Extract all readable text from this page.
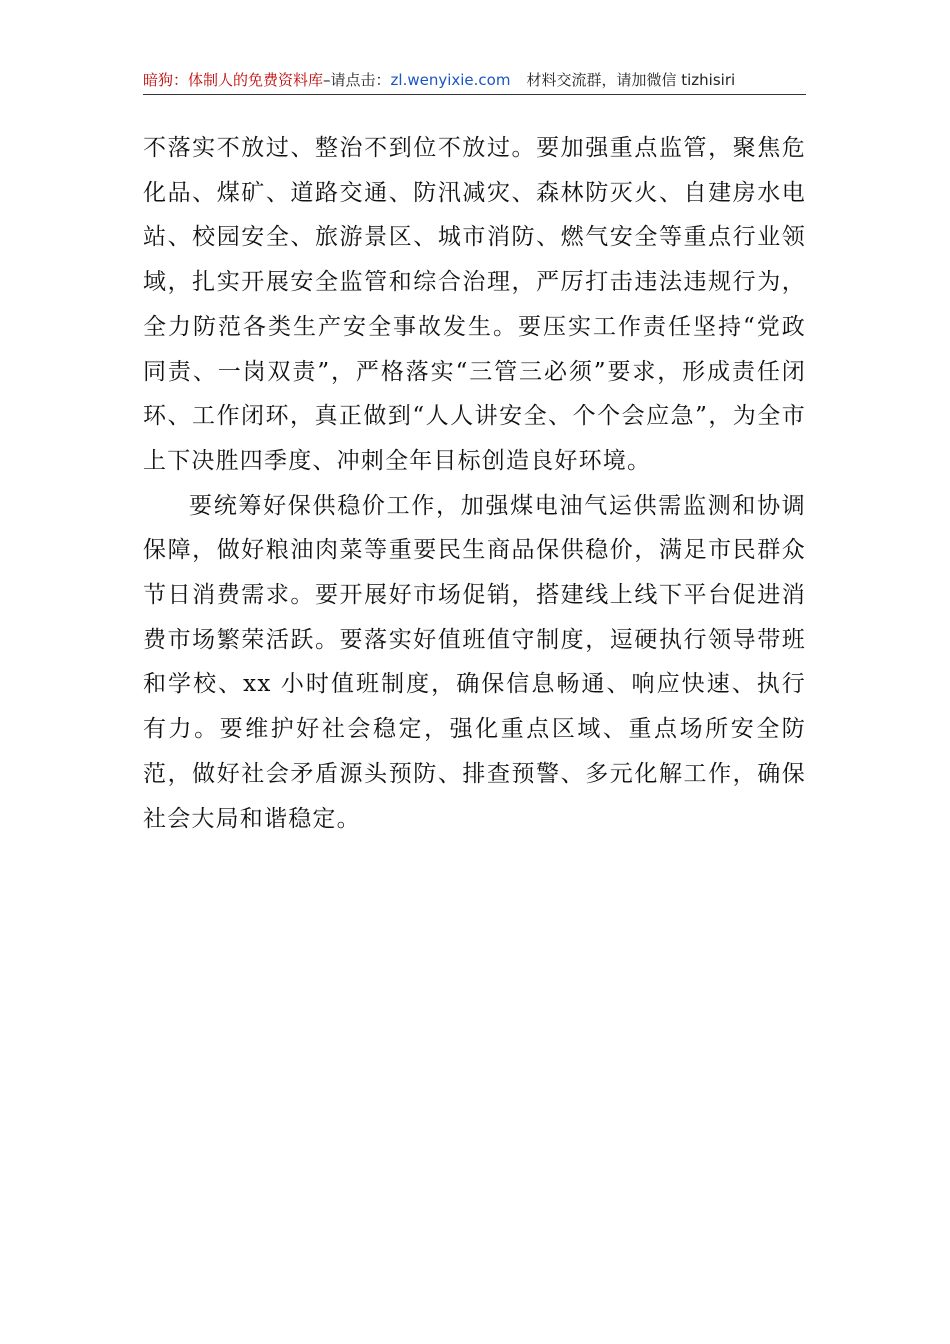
暗狗：体制人的免费资料库–请点击：zl.wenyixie.com 材料交流群，请加微信 tizhisiri

不落实不放过、整治不到位不放过。要加强重点监管，聚焦危化品、煤矿、道路交通、防汛减灾、森林防灭火、自建房水电站、校园安全、旅游景区、城市消防、燃气安全等重点行业领域，扎实开展安全监管和综合治理，严厉打击违法违规行为，全力防范各类生产安全事故发生。要压实工作责任坚持“党政同责、一岗双责”，严格落实“三管三必须”要求，形成责任闭环、工作闭环，真正做到“人人讲安全、个个会应急”，为全市上下决胜四季度、冲刺全年目标创造良好环境。

要统筹好保供稳价工作，加强煤电油气运供需监测和协调保障，做好粮油肉菜等重要民生商品保供稳价，满足市民群众节日消费需求。要开展好市场促销，搭建线上线下平台促进消费市场繁荣活跃。要落实好值班值守制度，逗硬执行领导带班和学校、xx 小时值班制度，确保信息畅通、响应快速、执行有力。要维护好社会稳定，强化重点区域、重点场所安全防范，做好社会矛盾源头预防、排查预警、多元化解工作，确保社会大局和谐稳定。
